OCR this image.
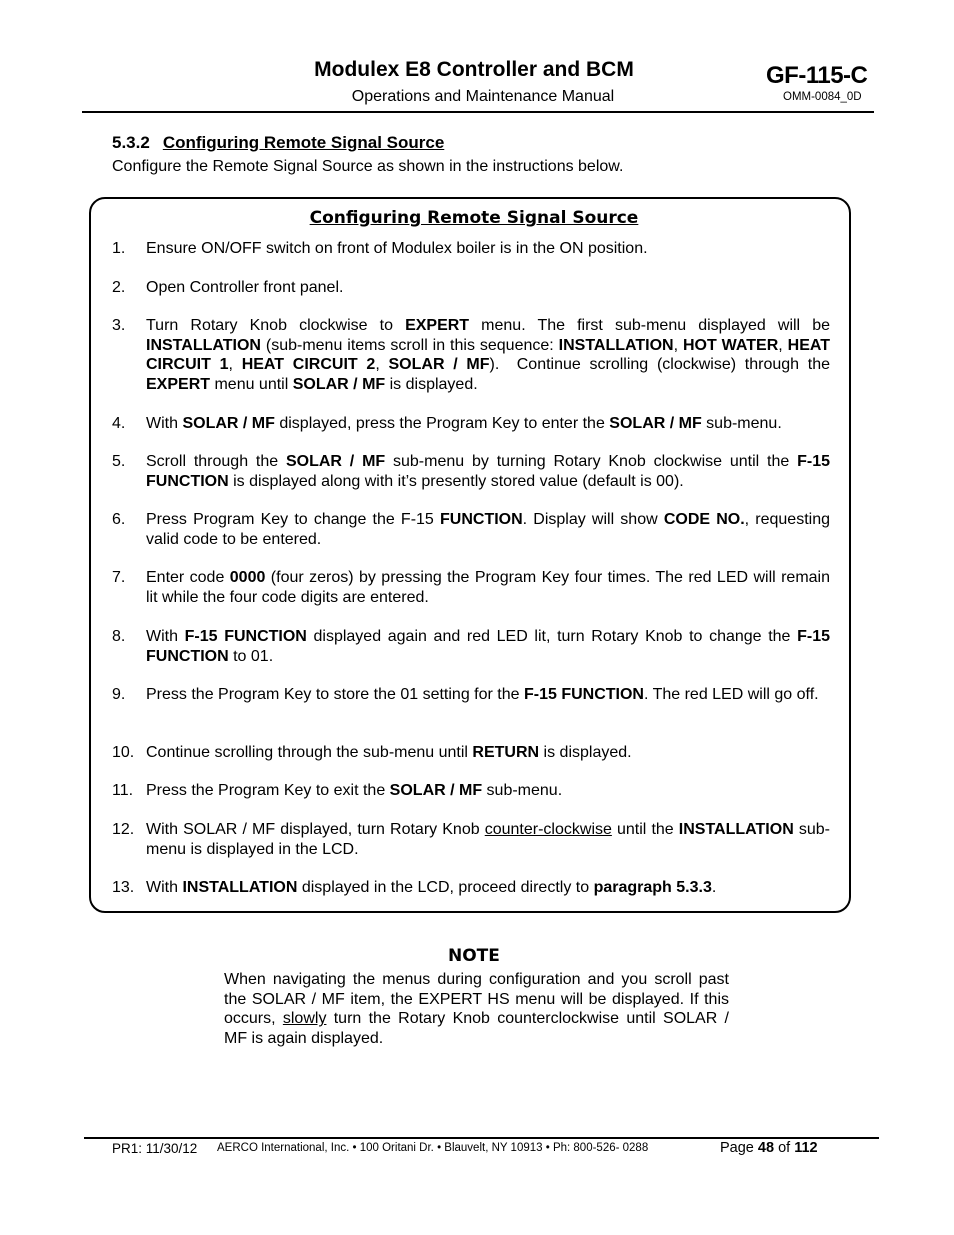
Modulex E8 Controller and BCM
Operations and Maintenance Manual
GF-115-C
OMM-0084_0D
5.3.2 Configuring Remote Signal Source
Configure the Remote Signal Source as shown in the instructions below.
Configuring Remote Signal Source
1. Ensure ON/OFF switch on front of Modulex boiler is in the ON position.
2. Open Controller front panel.
3. Turn Rotary Knob clockwise to EXPERT menu. The first sub-menu displayed will be INSTALLATION (sub-menu items scroll in this sequence: INSTALLATION, HOT WATER, HEAT CIRCUIT 1, HEAT CIRCUIT 2, SOLAR / MF).  Continue scrolling (clockwise) through the EXPERT menu until SOLAR / MF is displayed.
4. With SOLAR / MF displayed, press the Program Key to enter the SOLAR / MF sub-menu.
5. Scroll through the SOLAR / MF sub-menu by turning Rotary Knob clockwise until the F-15 FUNCTION is displayed along with it’s presently stored value (default is 00).
6. Press Program Key to change the F-15 FUNCTION. Display will show CODE NO., requesting valid code to be entered.
7. Enter code 0000 (four zeros) by pressing the Program Key four times. The red LED will remain lit while the four code digits are entered.
8. With F-15 FUNCTION displayed again and red LED lit, turn Rotary Knob to change the F-15 FUNCTION to 01.
9. Press the Program Key to store the 01 setting for the F-15 FUNCTION. The red LED will go off.
10. Continue scrolling through the sub-menu until RETURN is displayed.
11. Press the Program Key to exit the SOLAR / MF sub-menu.
12. With SOLAR / MF displayed, turn Rotary Knob counter-clockwise until the INSTALLATION sub-menu is displayed in the LCD.
13. With INSTALLATION displayed in the LCD, proceed directly to paragraph 5.3.3.
NOTE
When navigating the menus during configuration and you scroll past the SOLAR / MF item, the EXPERT HS menu will be displayed. If this occurs, slowly turn the Rotary Knob counterclockwise until SOLAR / MF is again displayed.
PR1: 11/30/12 AERCO International, Inc. • 100 Oritani Dr. • Blauvelt, NY 10913 • Ph: 800-526- 0288	Page 48 of 112
